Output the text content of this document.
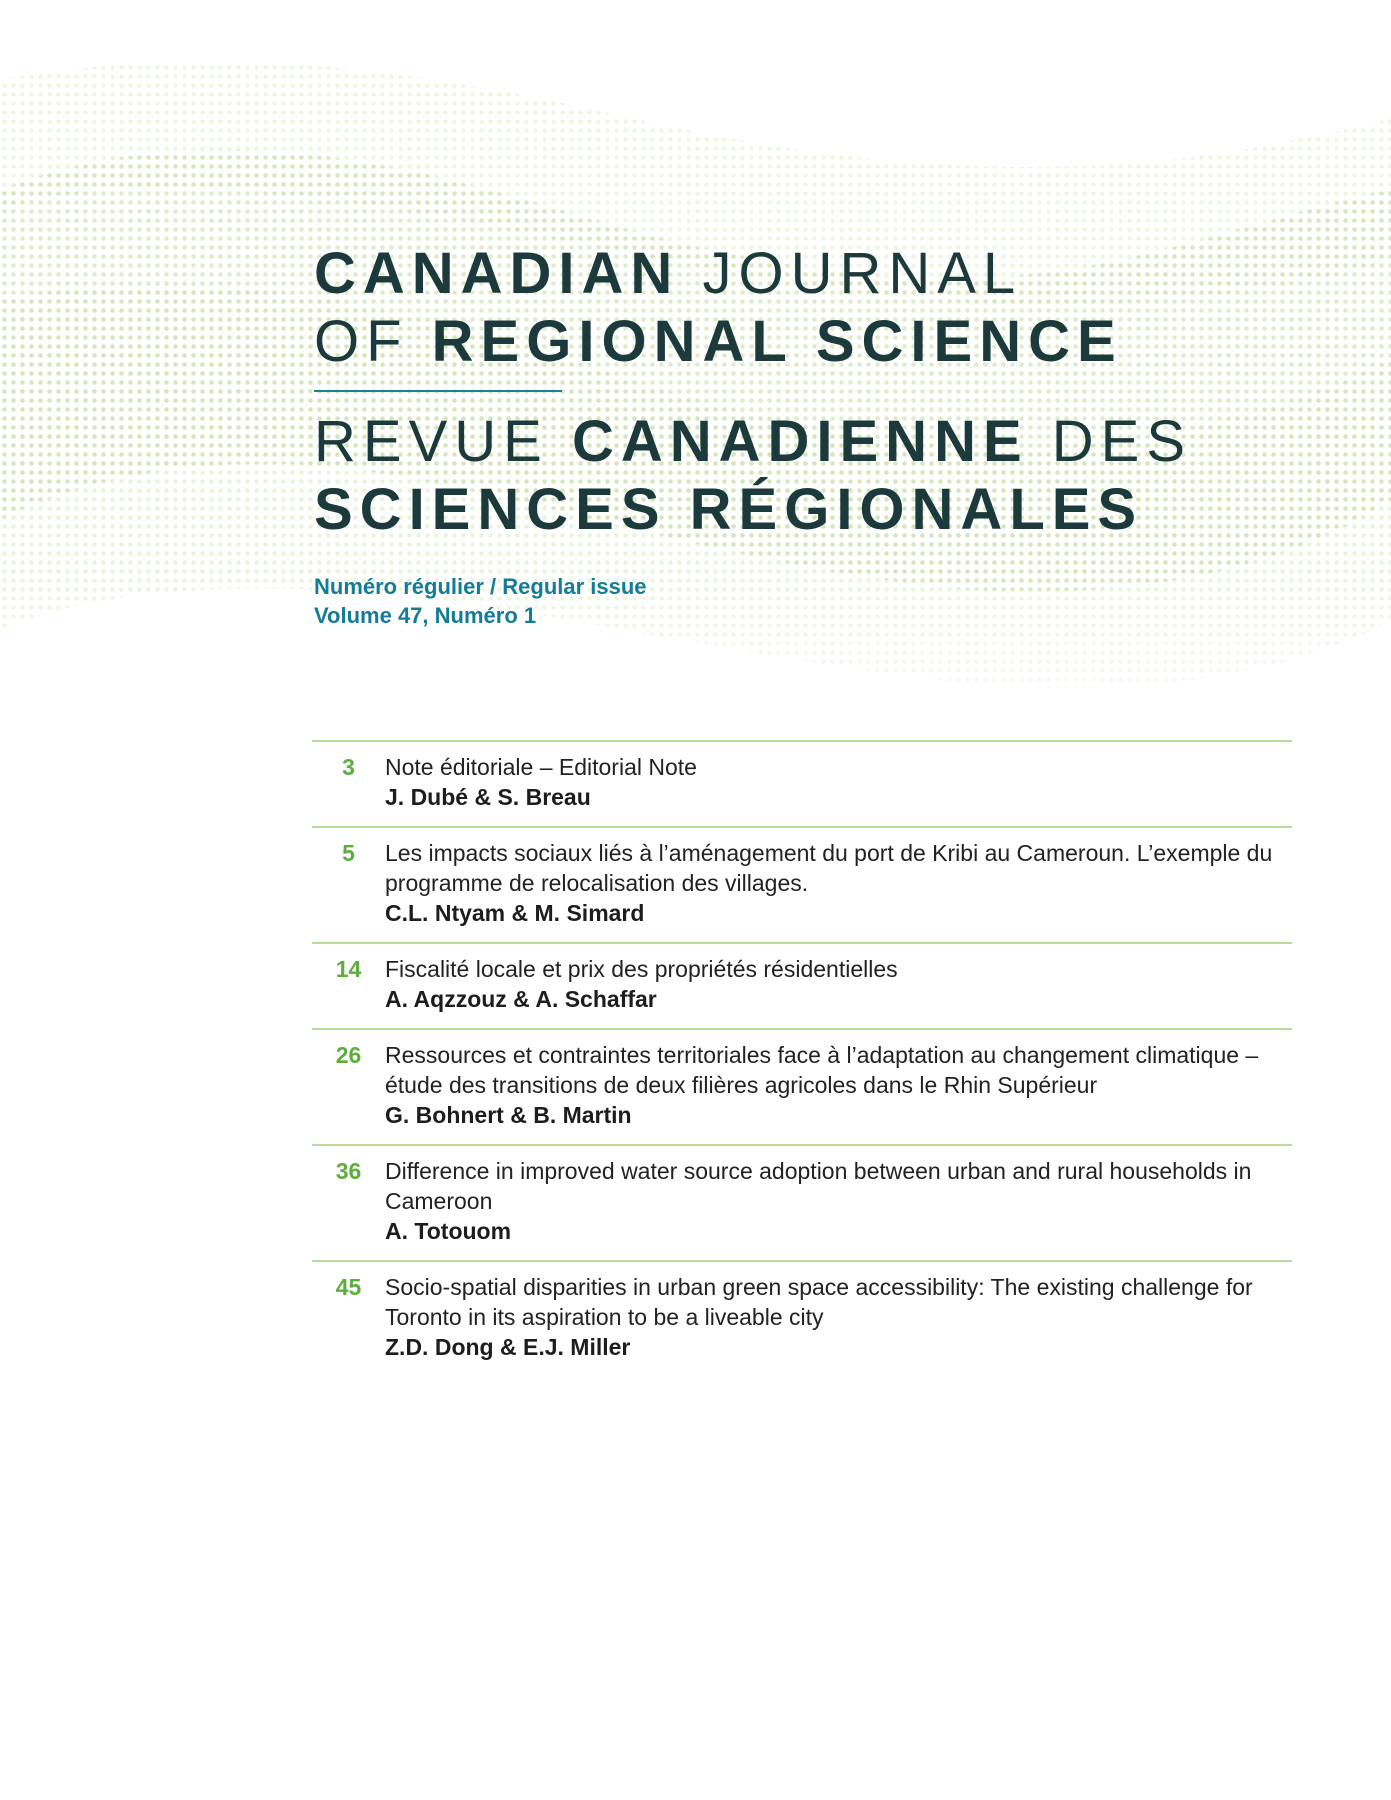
CANADIAN JOURNAL
OF REGIONAL SCIENCE
REVUE CANADIENNE DES
SCIENCES RÉGIONALES
Numéro régulier / Regular issue
Volume 47, Numéro 1
3	Note éditoriale – Editorial Note
J. Dubé & S. Breau
5	Les impacts sociaux liés à l’aménagement du port de Kribi au Cameroun. L’exemple du programme de relocalisation des villages.
C.L. Ntyam & M. Simard
14	Fiscalité locale et prix des propriétés résidentielles
A. Aqzzouz & A. Schaffar
26	Ressources et contraintes territoriales face à l’adaptation au changement climatique – étude des transitions de deux filières agricoles dans le Rhin Supérieur
G. Bohnert & B. Martin
36	Difference in improved water source adoption between urban and rural households in Cameroon
A. Totouom
45	Socio-spatial disparities in urban green space accessibility: The existing challenge for Toronto in its aspiration to be a liveable city
Z.D. Dong & E.J. Miller
